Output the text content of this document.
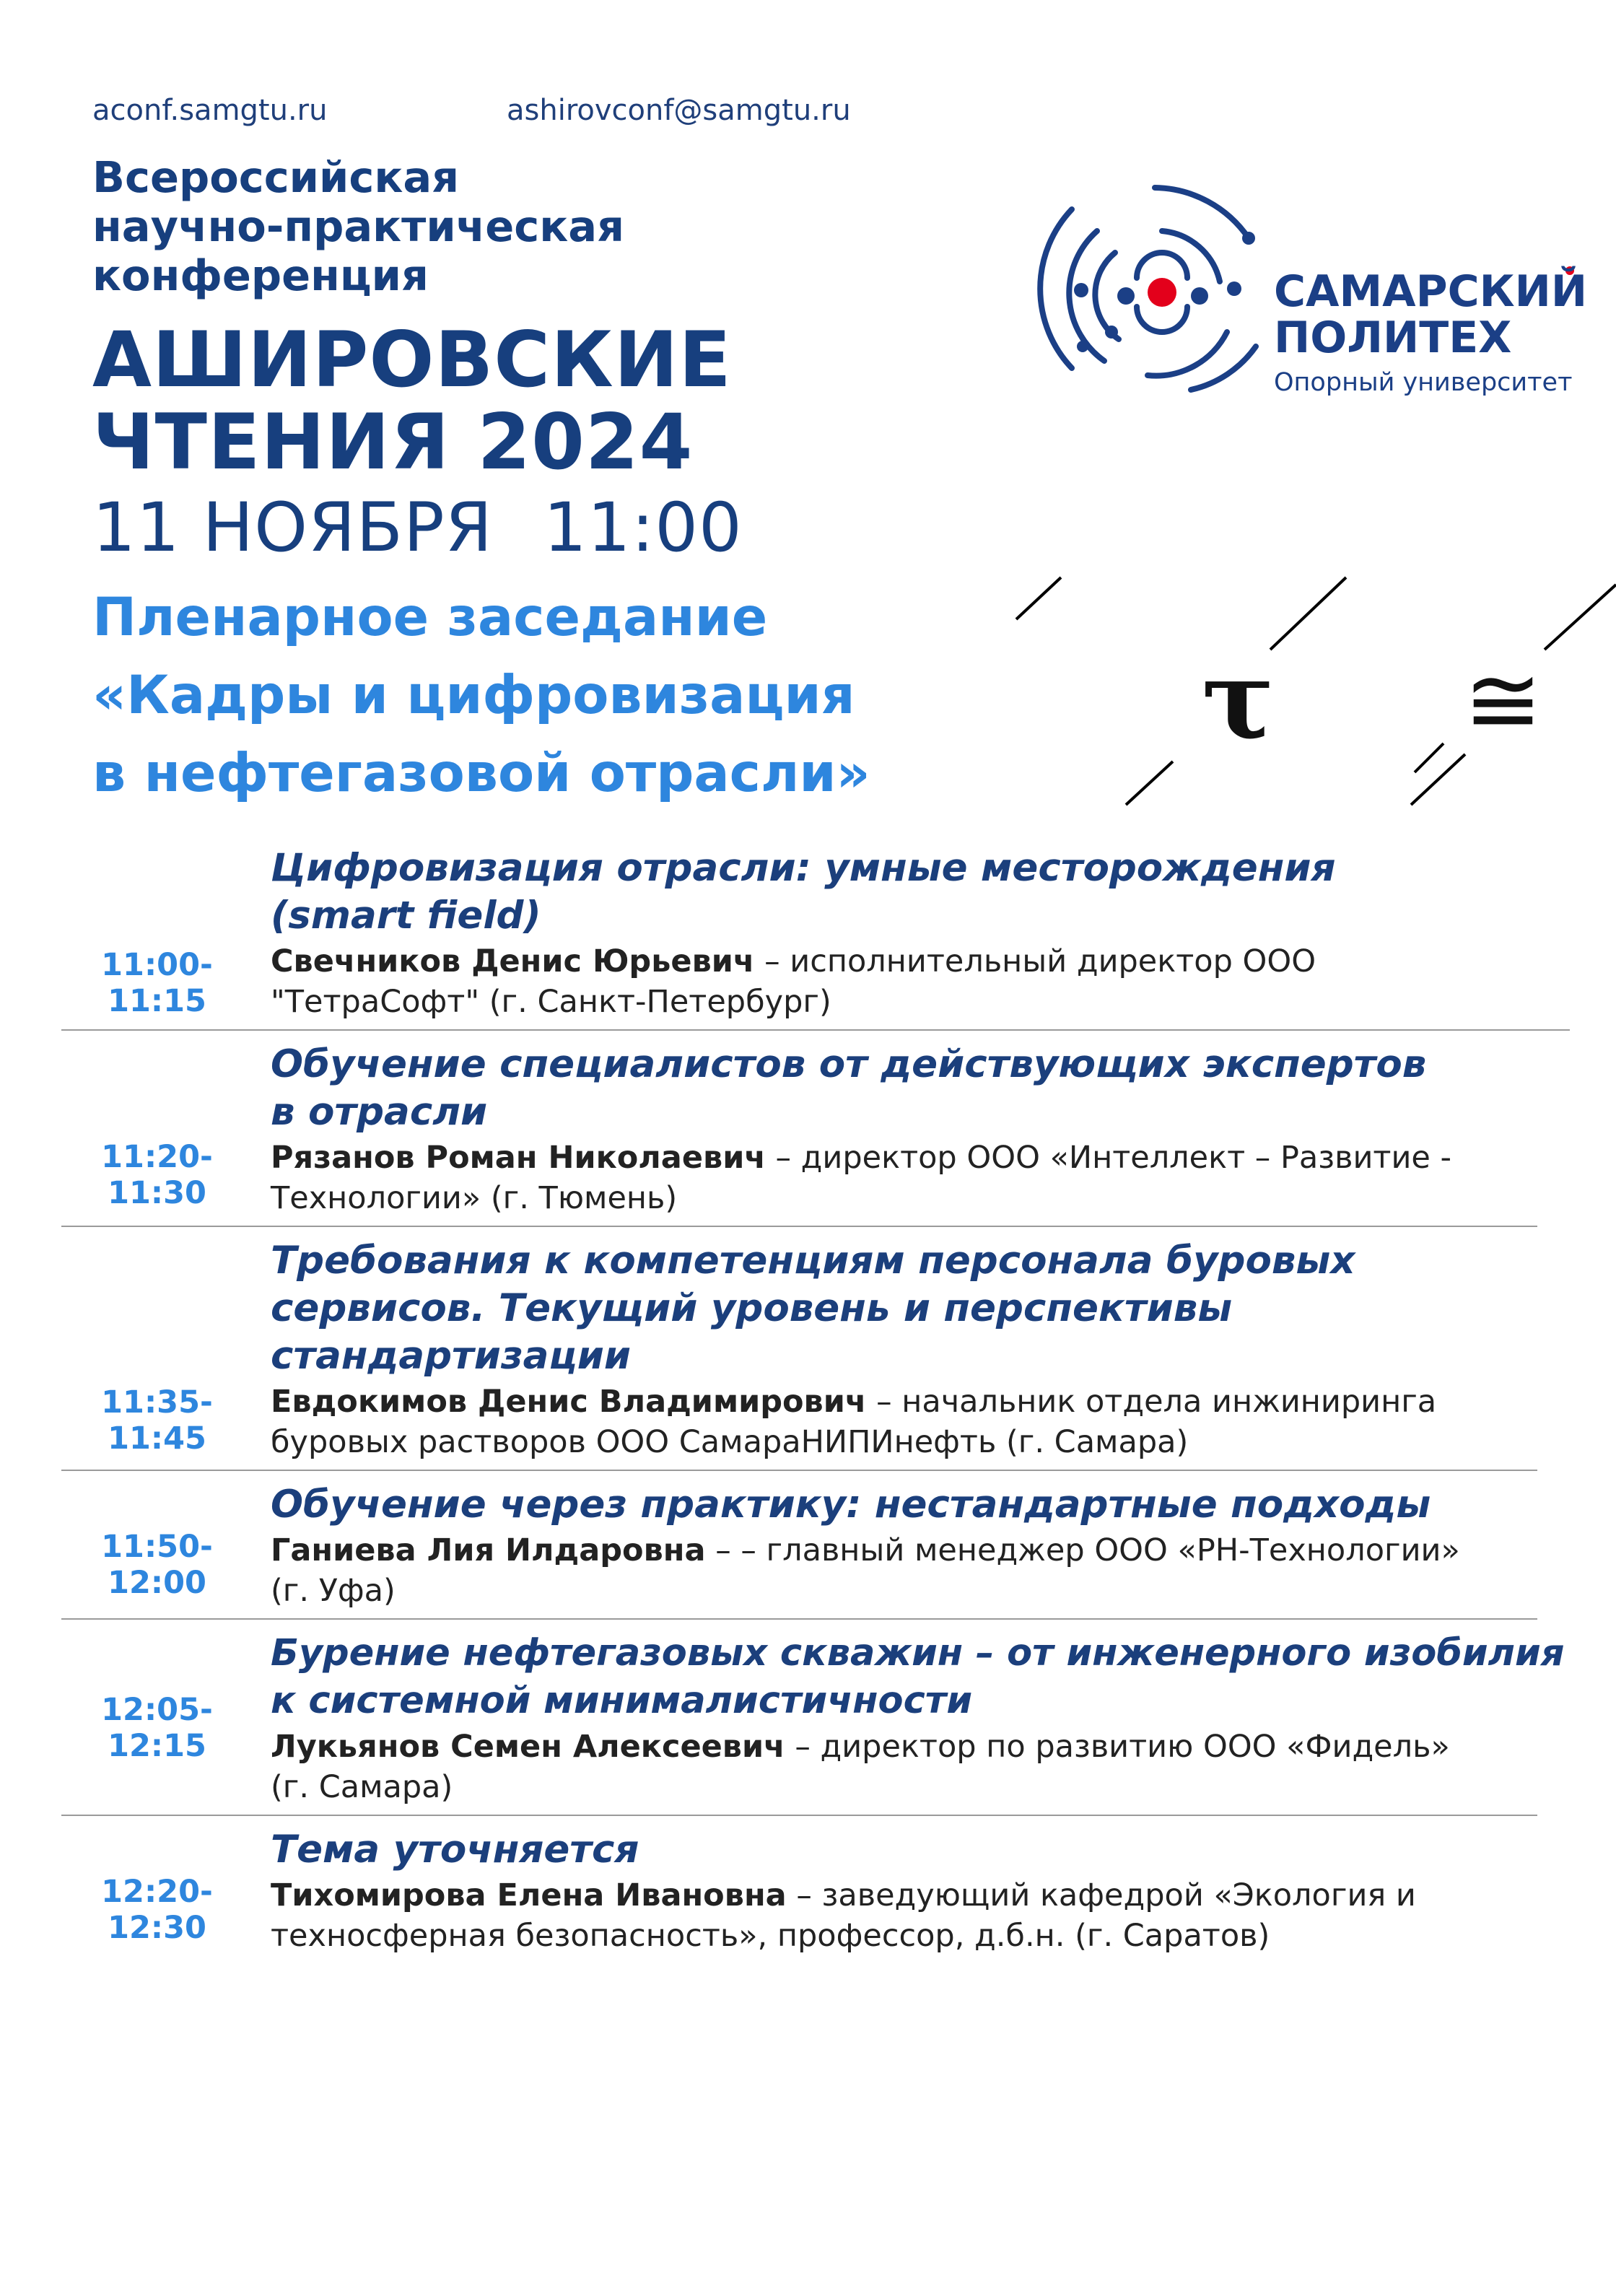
aconf.samgtu.ru	ashirovconf@samgtu.ru
Всероссийская
научно-практическая
конференция
АШИРОВСКИЕ
ЧТЕНИЯ 2024
11 НОЯБРЯ 11:00
Пленарное заседание
«Кадры и цифровизация
в нефтегазовой отрасли»
САМАРСКИЙ
ПОЛИТЕХ
Опорный университет
τ ≅
11:00-11:15
Цифровизация отрасли: умные месторождения
(smart field)
Свечников Денис Юрьевич – исполнительный директор ООО
"ТетраСофт" (г. Санкт-Петербург)
11:20-11:30
Обучение специалистов от действующих экспертов
в отрасли
Рязанов Роман Николаевич – директор ООО «Интеллект – Развитие -
Технологии» (г. Тюмень)
11:35-11:45
Требования к компетенциям персонала буровых
сервисов. Текущий уровень и перспективы
стандартизации
Евдокимов Денис Владимирович – начальник отдела инжиниринга
буровых растворов ООО СамараНИПИнефть (г. Самара)
11:50-12:00
Обучение через практику: нестандартные подходы
Ганиева Лия Илдаровна – – главный менеджер ООО «РН-Технологии»
(г. Уфа)
12:05-12:15
Бурение нефтегазовых скважин – от инженерного изобилия
к системной минималистичности
Лукьянов Семен Алексеевич – директор по развитию ООО «Фидель»
(г. Самара)
12:20-12:30
Тема уточняется
Тихомирова Елена Ивановна – заведующий кафедрой «Экология и
техносферная безопасность», профессор, д.б.н. (г. Саратов)
